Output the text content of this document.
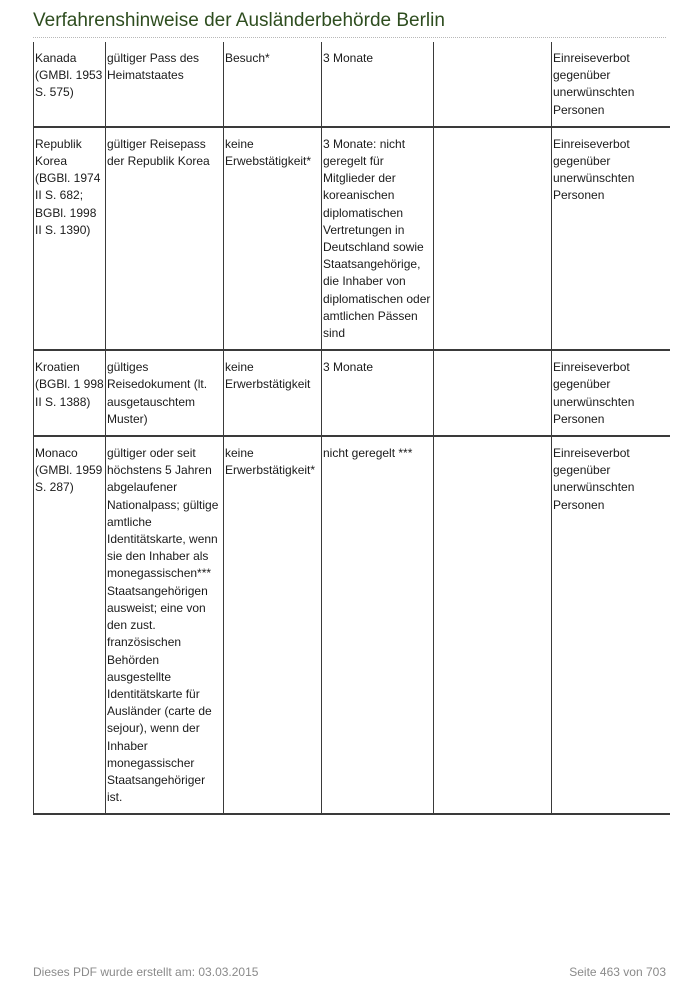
Verfahrenshinweise der Ausländerbehörde Berlin
Kanada (GMBl. 1953 S. 575)	gültiger Pass des Heimatstaates	Besuch*	3 Monate		Einreiseverbot gegenüber unerwünschten Personen
Republik Korea (BGBl. 1974 II S. 682; BGBl. 1998 II S. 1390)	gültiger Reisepass der Republik Korea	keine Erwebstätigkeit*	3 Monate: nicht geregelt für Mitglieder der koreanischen diplomatischen Vertretungen in Deutschland sowie Staatsangehörige, die Inhaber von diplomatischen oder amtlichen Pässen sind		Einreiseverbot gegenüber unerwünschten Personen
Kroatien (BGBl. 1 998 II S. 1388)	gültiges Reisedokument (lt. ausgetauschtem Muster)	keine Erwerbstätigkeit	3 Monate		Einreiseverbot gegenüber unerwünschten Personen
Monaco (GMBl. 1959 S. 287)	gültiger oder seit höchstens 5 Jahren abgelaufener Nationalpass; gültige amtliche Identitätskarte, wenn sie den Inhaber als monegassischen*** Staatsangehörigen ausweist; eine von den zust. französischen Behörden ausgestellte Identitätskarte für Ausländer (carte de sejour), wenn der Inhaber monegassischer Staatsangehöriger ist.	keine Erwerbstätigkeit*	nicht geregelt ***		Einreiseverbot gegenüber unerwünschten Personen
Dieses PDF wurde erstellt am: 03.03.2015	Seite 463 von 703
